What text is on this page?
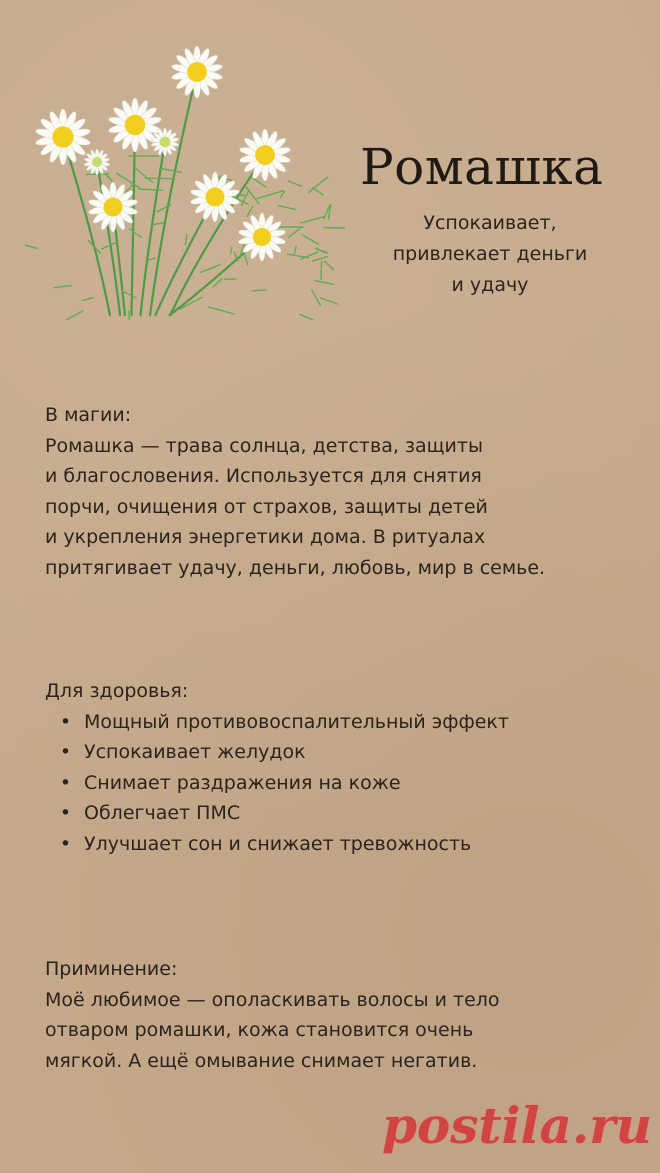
Ромашка
Успокаивает,
привлекает деньги
и удачу
В магии:
Ромашка — трава солнца, детства, защиты
и благословения. Используется для снятия
порчи, очищения от страхов, защиты детей
и укрепления энергетики дома. В ритуалах
притягивает удачу, деньги, любовь, мир в семье.
Для здоровья:
• Мощный противовоспалительный эффект
• Успокаивает желудок
• Снимает раздражения на коже
• Облегчает ПМС
• Улучшает сон и снижает тревожность
Приминение:
Моё любимое — ополаскивать волосы и тело
отваром ромашки, кожа становится очень
мягкой. А ещё омывание снимает негатив.
postila.ru
